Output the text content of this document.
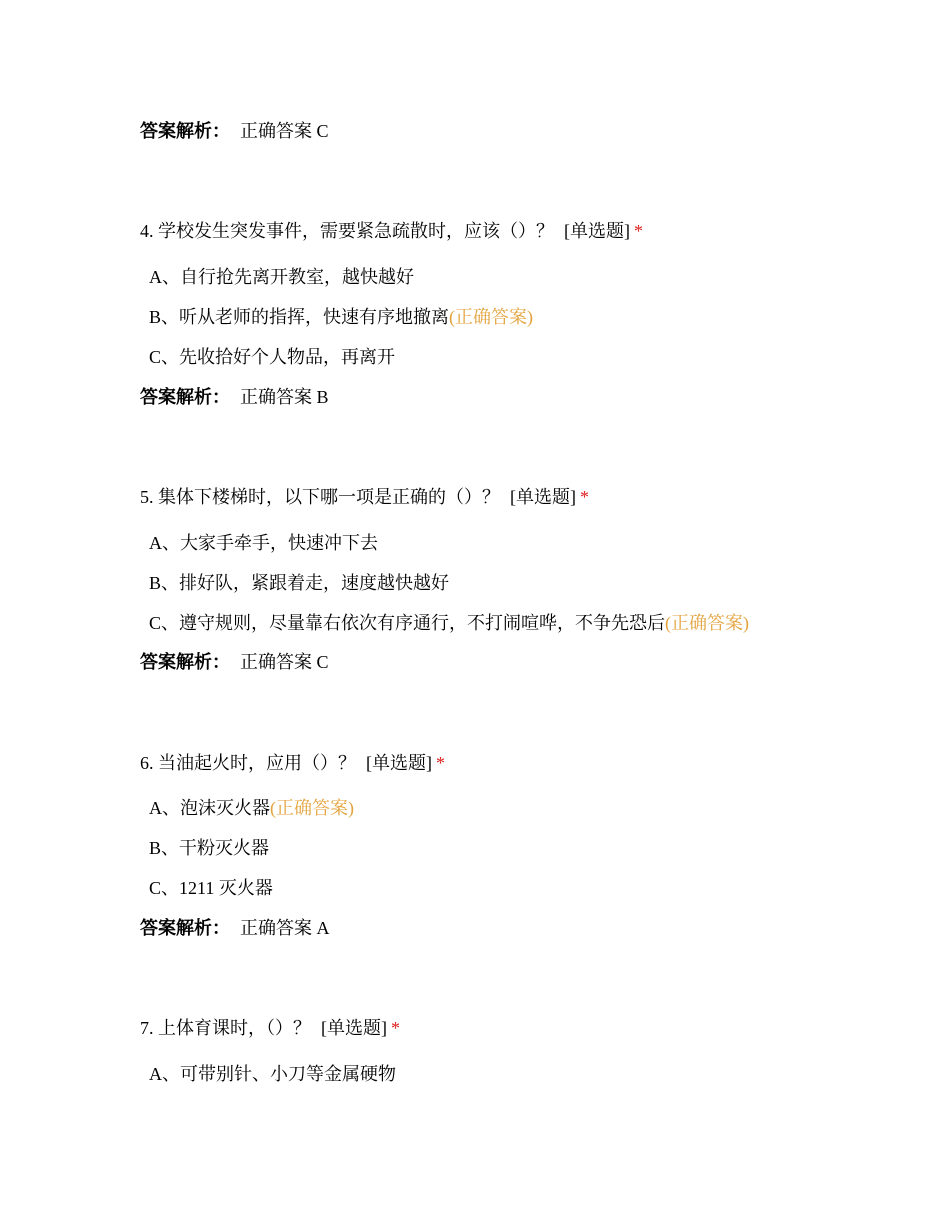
答案解析： 正确答案 C
4. 学校发生突发事件，需要紧急疏散时，应该（）？ [单选题] *
A、自行抢先离开教室，越快越好
B、听从老师的指挥，快速有序地撤离(正确答案)
C、先收拾好个人物品，再离开
答案解析： 正确答案 B
5. 集体下楼梯时，以下哪一项是正确的（）？ [单选题] *
A、大家手牵手，快速冲下去
B、排好队，紧跟着走，速度越快越好
C、遵守规则，尽量靠右依次有序通行，不打闹喧哗，不争先恐后(正确答案)
答案解析： 正确答案 C
6. 当油起火时，应用（）？ [单选题] *
A、泡沫灭火器(正确答案)
B、干粉灭火器
C、1211 灭火器
答案解析： 正确答案 A
7. 上体育课时，（）？ [单选题] *
A、可带别针、小刀等金属硬物
